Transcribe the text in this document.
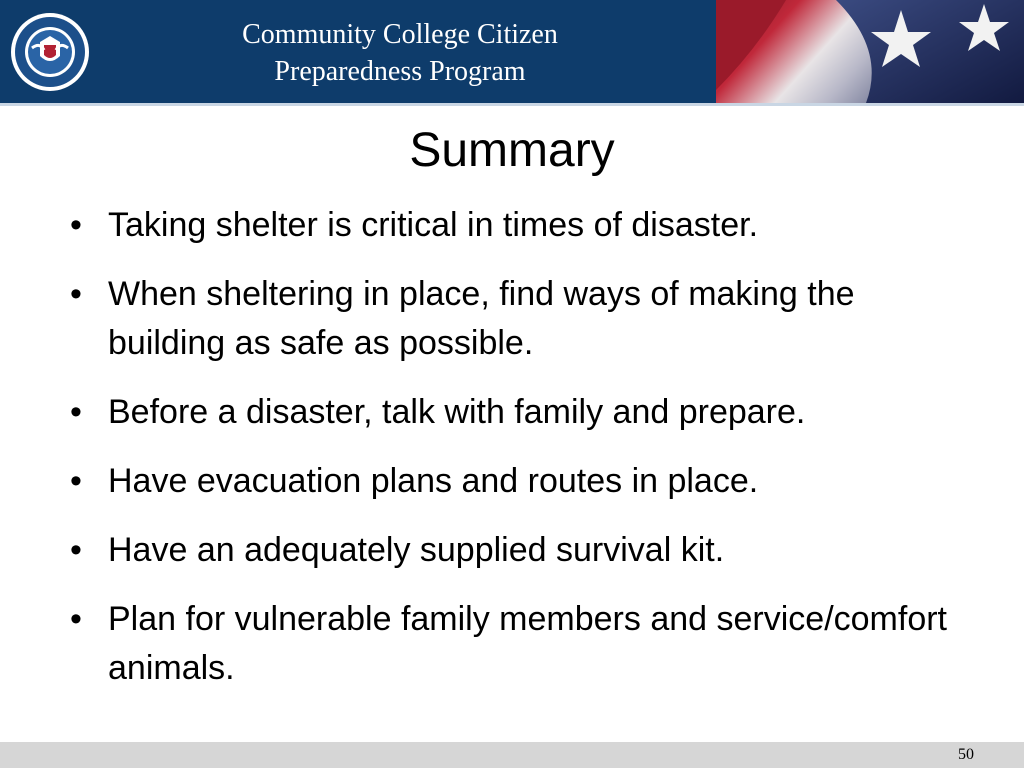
Community College Citizen
Preparedness Program
Summary
• Taking shelter is critical in times of disaster.
• When sheltering in place, find ways of making the building as safe as possible.
• Before a disaster, talk with family and prepare.
• Have evacuation plans and routes in place.
• Have an adequately supplied survival kit.
• Plan for vulnerable family members and service/comfort animals.
50
